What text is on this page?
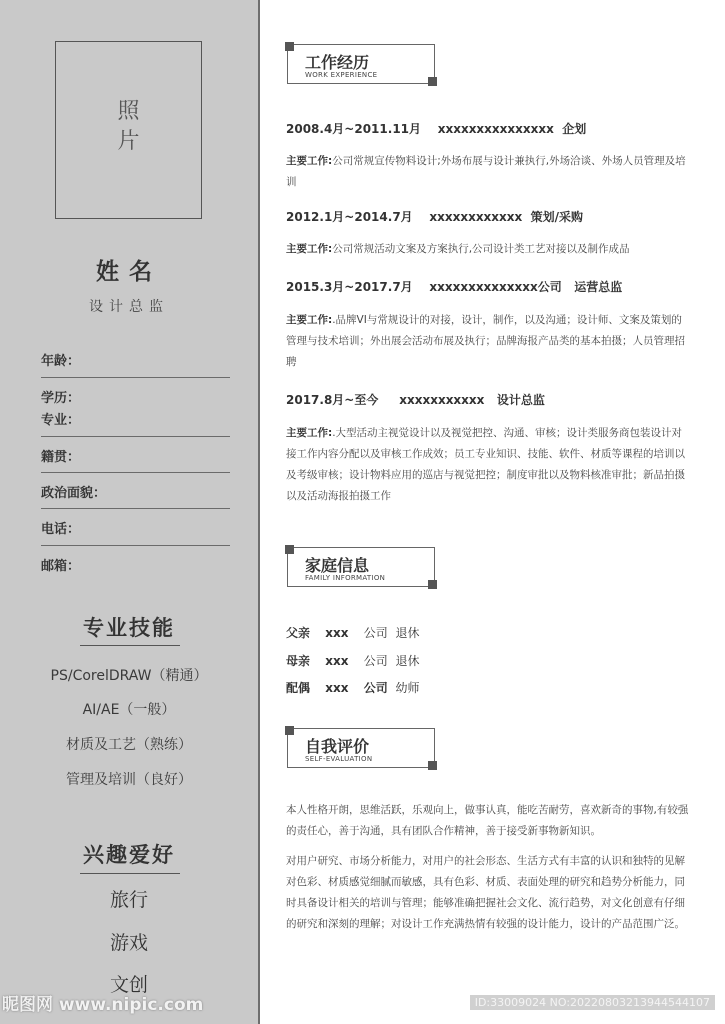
照片
姓名
设计总监
年龄：
学历：
专业：
籍贯：
政治面貌：
电话：
邮箱：
专业技能
PS/CorelDRAW（精通）
AI/AE（一般）
材质及工艺（熟练）
管理及培训（良好）
兴趣爱好
旅行
游戏
文创
工作经历
WORK EXPERIENCE
2008.4月~2011.11月    xxxxxxxxxxxxxxx  企划
主要工作:公司常规宣传物料设计;外场布展与设计兼执行,外场洽谈、外场人员管理及培训
2012.1月~2014.7月    xxxxxxxxxxxx  策划/采购
主要工作:公司常规活动文案及方案执行,公司设计类工艺对接以及制作成品
2015.3月~2017.7月    xxxxxxxxxxxxxx公司   运营总监
主要工作:.品牌VI与常规设计的对接，设计，制作，以及沟通；设计师、文案及策划的管理与技术培训；外出展会活动布展及执行；品牌海报产品类的基本拍摄；人员管理招聘
2017.8月~至今     xxxxxxxxxxx   设计总监
主要工作:.大型活动主视觉设计以及视觉把控、沟通、审核；设计类服务商包装设计对接工作内容分配以及审核工作成效；员工专业知识、技能、软件、材质等课程的培训以及考级审核；设计物料应用的巡店与视觉把控；制度审批以及物料核准审批；新品拍摄以及活动海报拍摄工作
家庭信息
FAMILY INFORMATION
父亲 xxx 公司 退休
母亲 xxx 公司 退休
配偶 xxx 公司 幼师
自我评价
SELF-EVALUATION
本人性格开朗，思维活跃，乐观向上，做事认真，能吃苦耐劳，喜欢新奇的事物,有较强的责任心，善于沟通，具有团队合作精神，善于接受新事物新知识。
对用户研究、市场分析能力，对用户的社会形态、生活方式有丰富的认识和独特的见解对色彩、材质感觉细腻而敏感，具有色彩、材质、表面处理的研究和趋势分析能力，同时具备设计相关的培训与管理；能够准确把握社会文化、流行趋势，对文化创意有仔细的研究和深刻的理解；对设计工作充满热情有较强的设计能力，设计的产品范围广泛。
昵图网 www.nipic.com	ID:33009024 NO:20220803213944544107
